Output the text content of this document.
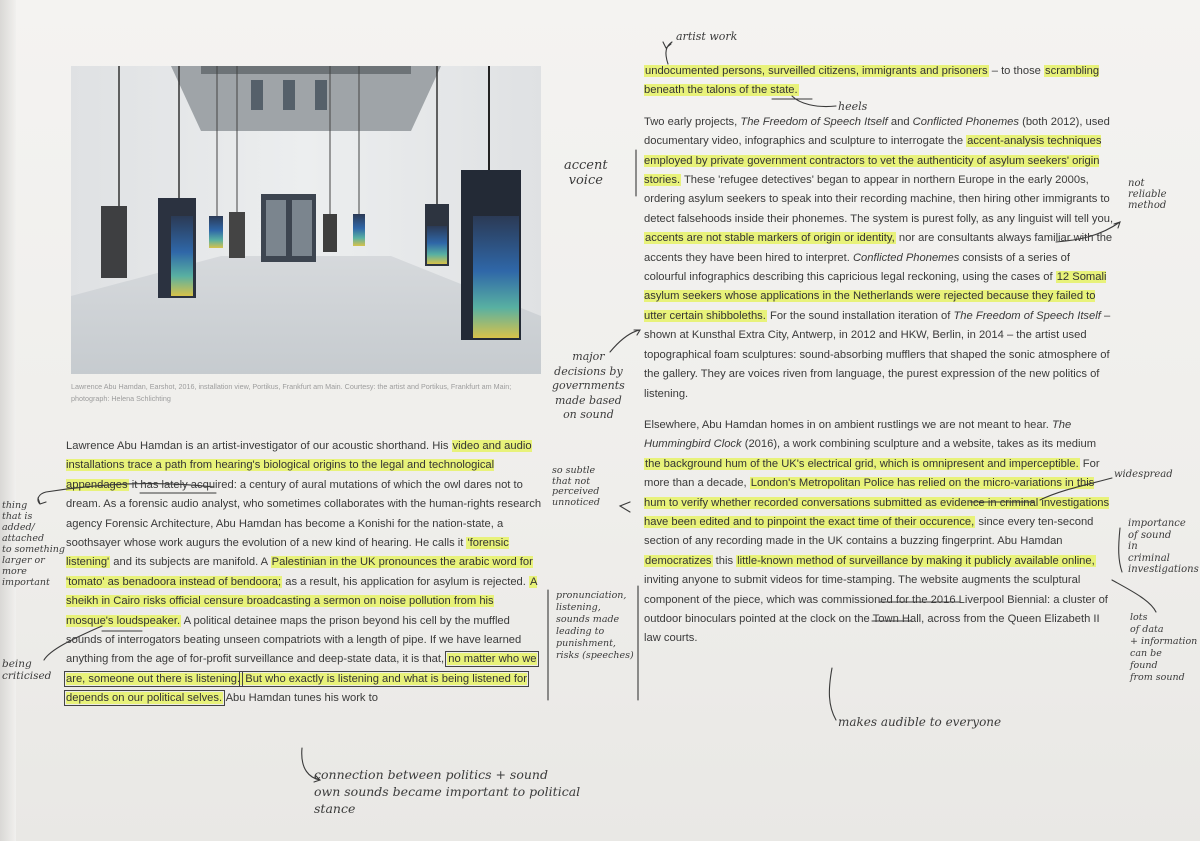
Lawrence Abu Hamdan, Earshot, 2016, installation view, Portikus, Frankfurt am Main. Courtesy: the artist and Portikus, Frankfurt am Main; photograph: Helena Schlichting

Lawrence Abu Hamdan is an artist-investigator of our acoustic shorthand. His video and audio installations trace a path from hearing's biological origins to the legal and technological appendages it has lately acquired: a century of aural mutations of which the owl dares not to dream. As a forensic audio analyst, who sometimes collaborates with the human-rights research agency Forensic Architecture, Abu Hamdan has become a Konishi for the nation-state, a soothsayer whose work augurs the evolution of a new kind of hearing. He calls it 'forensic listening' and its subjects are manifold. A Palestinian in the UK pronounces the arabic word for 'tomato' as benadoora instead of bendoora; as a result, his application for asylum is rejected. A sheikh in Cairo risks official censure broadcasting a sermon on noise pollution from his mosque's loudspeaker. A political detainee maps the prison beyond his cell by the muffled sounds of interrogators beating unseen compatriots with a length of pipe. If we have learned anything from the age of for-profit surveillance and deep-state data, it is that, no matter who we are, someone out there is listening. But who exactly is listening and what is being listened for depends on our political selves. Abu Hamdan tunes his work to

undocumented persons, surveilled citizens, immigrants and prisoners – to those scrambling beneath the talons of the state.

Two early projects, The Freedom of Speech Itself and Conflicted Phonemes (both 2012), used documentary video, infographics and sculpture to interrogate the accent-analysis techniques employed by private government contractors to vet the authenticity of asylum seekers' origin stories. These 'refugee detectives' began to appear in northern Europe in the early 2000s, ordering asylum seekers to speak into their recording machine, then hiring other immigrants to detect falsehoods inside their phonemes. The system is purest folly, as any linguist will tell you, accents are not stable markers of origin or identity, nor are consultants always familiar with the accents they have been hired to interpret. Conflicted Phonemes consists of a series of colourful infographics describing this capricious legal reckoning, using the cases of 12 Somali asylum seekers whose applications in the Netherlands were rejected because they failed to utter certain shibboleths. For the sound installation iteration of The Freedom of Speech Itself – shown at Kunsthal Extra City, Antwerp, in 2012 and HKW, Berlin, in 2014 – the artist used topographical foam sculptures: sound-absorbing mufflers that shaped the sonic atmosphere of the gallery. They are voices riven from language, the purest expression of the new politics of listening.

Elsewhere, Abu Hamdan homes in on ambient rustlings we are not meant to hear. The Hummingbird Clock (2016), a work combining sculpture and a website, takes as its medium the background hum of the UK's electrical grid, which is omnipresent and imperceptible. For more than a decade, London's Metropolitan Police has relied on the micro-variations in this hum to verify whether recorded conversations submitted as evidence in criminal investigations have been edited and to pinpoint the exact time of their occurence, since every ten-second section of any recording made in the UK contains a buzzing fingerprint. Abu Hamdan democratizes this little-known method of surveillance by making it publicly available online, inviting anyone to submit videos for time-stamping. The website augments the sculptural component of the piece, which was commissioned for the 2016 Liverpool Biennial: a cluster of outdoor binoculars pointed at the clock on the Town Hall, across from the Queen Elizabeth II law courts.

artist work
heels
accent
voice	not
reliable
method
major
decisions by
governments
made based
on sound
so subtle
that not
perceived
unnoticed
widespread
thing
that is
added/
attached
to something
larger or
more
important
importance
of sound
in
criminal
investigations
pronunciation,
listening,
sounds made
leading to
punishment,
risks (speeches)
lots
of data
+ information
can be
found
from sound
being
criticised
makes audible to everyone
connection between politics + sound
own sounds became important to political
stance
